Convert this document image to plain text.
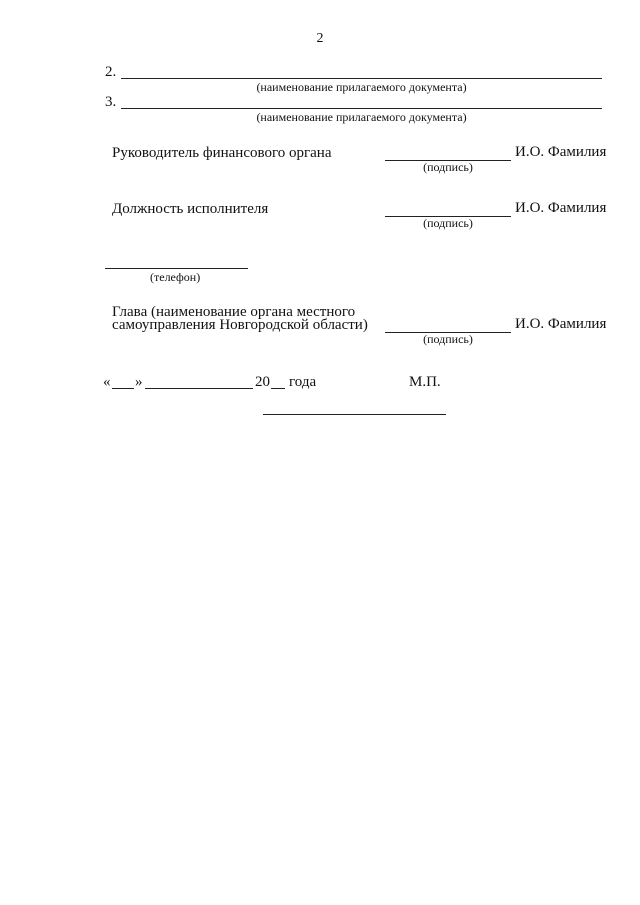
2
2.
(наименование прилагаемого документа)
3.
(наименование прилагаемого документа)
Руководитель финансового органа
(подпись)
И.О. Фамилия
Должность исполнителя
(подпись)
И.О. Фамилия
(телефон)
Глава (наименование органа местного
самоуправления Новгородской области)
(подпись)
И.О. Фамилия
« »	20 года	М.П.
